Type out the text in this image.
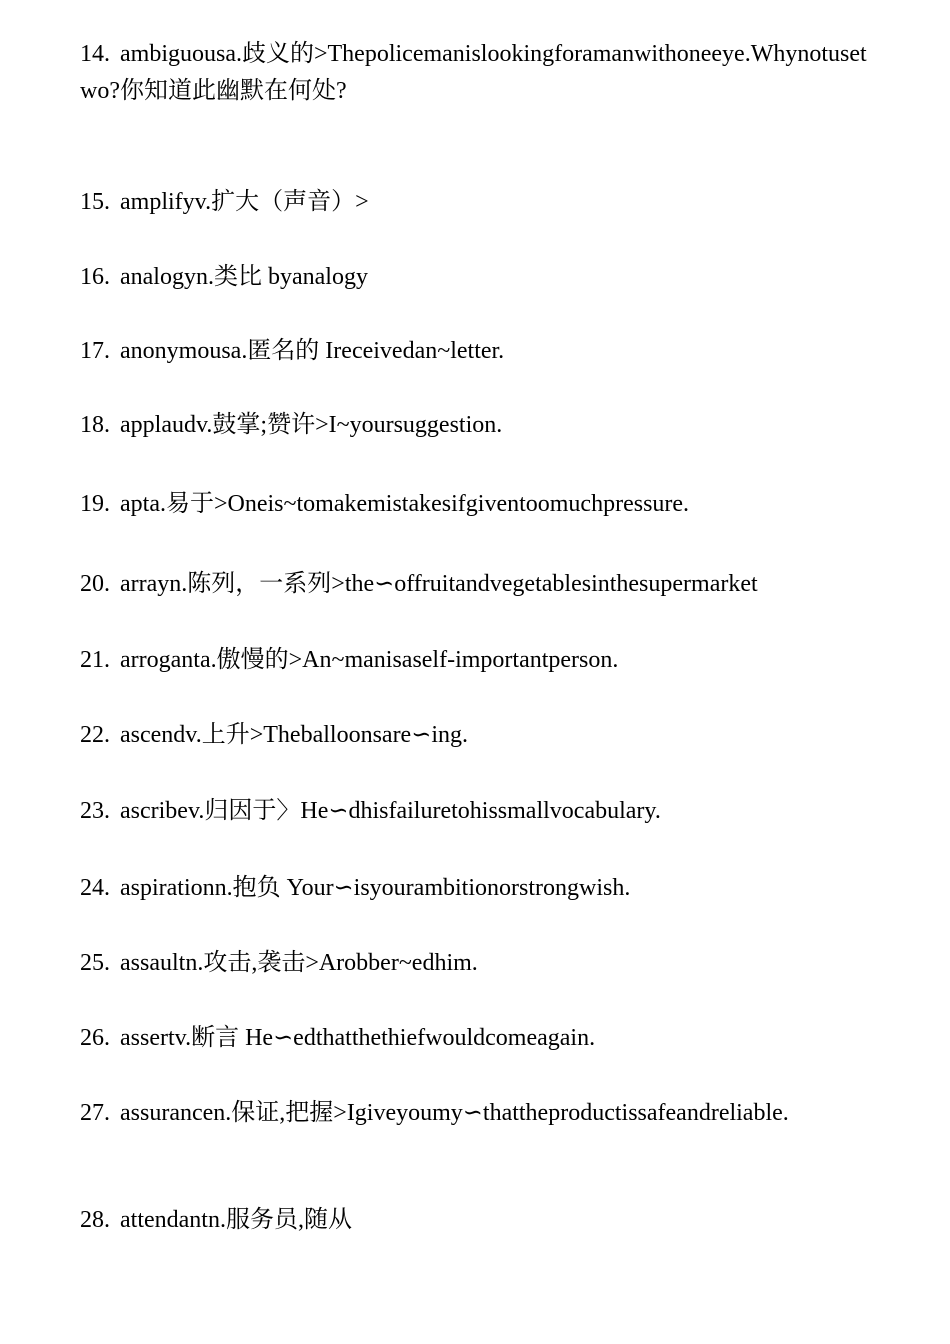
14. ambiguousa.歧义的>Thepolicemanislookingforamanwithoneeye.Whynotusetwo?你知道此幽默在何处?
15. amplifyv.扩大（声音）>
16. analogyn.类比 byanalogy
17. anonymousa.匿名的 Ireceivedan~letter.
18. applaudv.鼓掌;赞许>I~yoursuggestion.
19. apta.易于>Oneis~tomakemistakesifgiventoomuchpressure.
20. arrayn.陈列，一系列>the∽offruitandvegetablesinthesupermarket
21. arroganta.傲慢的>An~manisaself-importantperson.
22. ascendv.上升>Theballoonsare∽ing.
23. ascribev.归因于〉He∽dhisfailuretohissmallvocabulary.
24. aspirationn.抱负 Your∽isyourambitionorstrongwish.
25. assaultn.攻击,袭击>Arobber~edhim.
26. assertv.断言 He∽edthatthethiefwouldcomeagain.
27. assurancen.保证,把握>Igiveyoumy∽thattheproductissafeandreliable.
28. attendantn.服务员,随从
